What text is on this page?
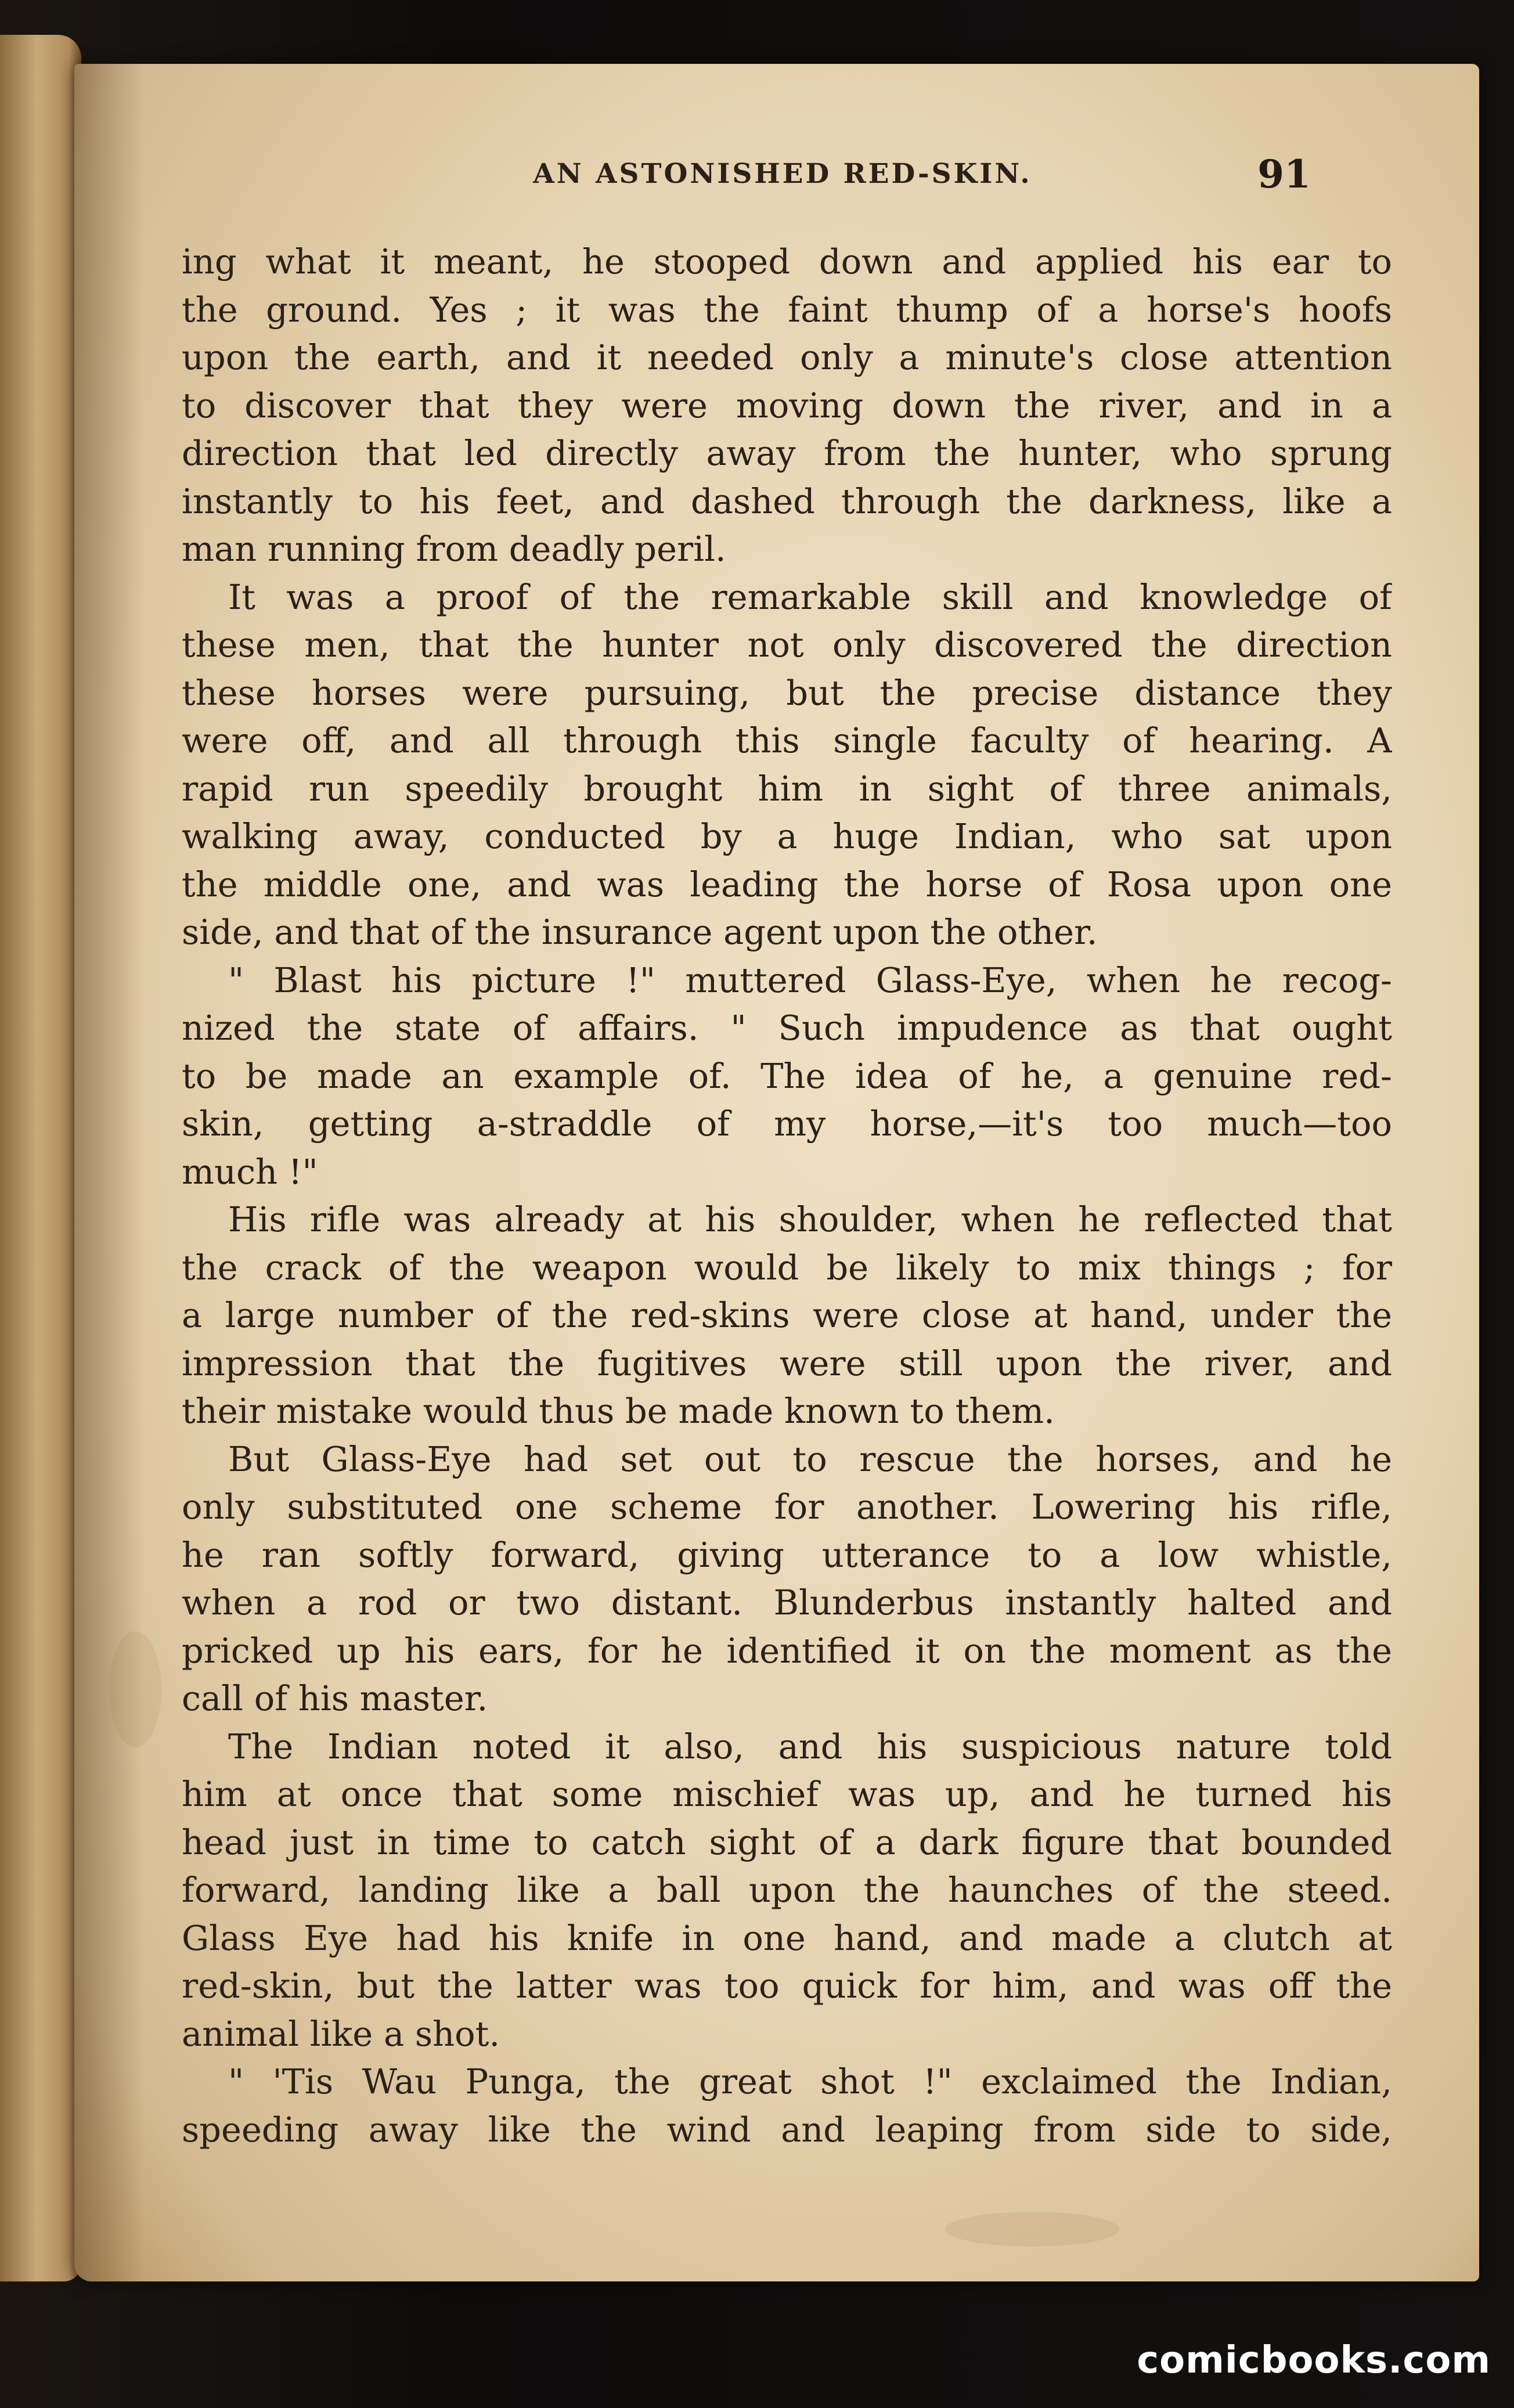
AN ASTONISHED RED-SKIN.	91
ing what it meant, he stooped down and applied his ear to
the ground. Yes ; it was the faint thump of a horse's hoofs
upon the earth, and it needed only a minute's close attention
to discover that they were moving down the river, and in a
direction that led directly away from the hunter, who sprung
instantly to his feet, and dashed through the darkness, like a
man running from deadly peril.
It was a proof of the remarkable skill and knowledge of
these men, that the hunter not only discovered the direction
these horses were pursuing, but the precise distance they
were off, and all through this single faculty of hearing. A
rapid run speedily brought him in sight of three animals,
walking away, conducted by a huge Indian, who sat upon
the middle one, and was leading the horse of Rosa upon one
side, and that of the insurance agent upon the other.
" Blast his picture !" muttered Glass-Eye, when he recog-
nized the state of affairs. " Such impudence as that ought
to be made an example of. The idea of he, a genuine red-
skin, getting a-straddle of my horse,—it's too much—too
much !"
His rifle was already at his shoulder, when he reflected that
the crack of the weapon would be likely to mix things ; for
a large number of the red-skins were close at hand, under the
impression that the fugitives were still upon the river, and
their mistake would thus be made known to them.
But Glass-Eye had set out to rescue the horses, and he
only substituted one scheme for another. Lowering his rifle,
he ran softly forward, giving utterance to a low whistle,
when a rod or two distant. Blunderbus instantly halted and
pricked up his ears, for he identified it on the moment as the
call of his master.
The Indian noted it also, and his suspicious nature told
him at once that some mischief was up, and he turned his
head just in time to catch sight of a dark figure that bounded
forward, landing like a ball upon the haunches of the steed.
Glass Eye had his knife in one hand, and made a clutch at
red-skin, but the latter was too quick for him, and was off the
animal like a shot.
" 'Tis Wau Punga, the great shot !" exclaimed the Indian,
speeding away like the wind and leaping from side to side,
comicbooks.com
